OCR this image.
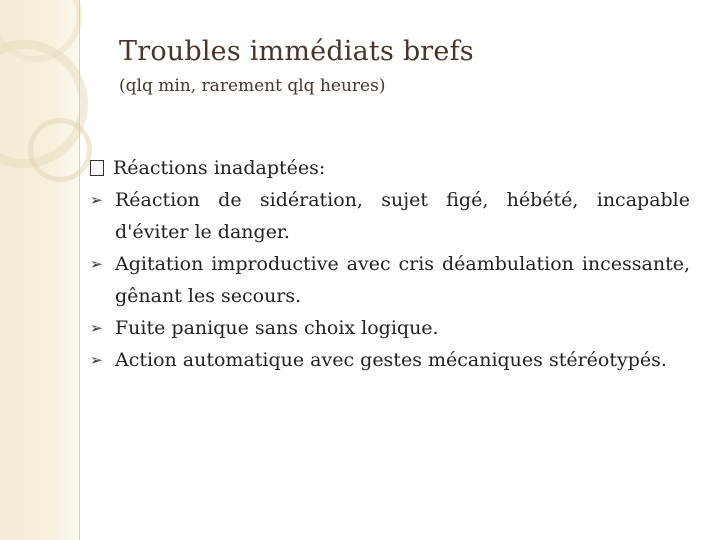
Troubles immédiats brefs
(qlq min, rarement qlq heures)
Réactions inadaptées:
➢ Réaction de sidération, sujet figé, hébété, incapable d'éviter le danger.
➢ Agitation improductive avec cris déambulation incessante, gênant les secours.
➢ Fuite panique sans choix logique.
➢ Action automatique avec gestes mécaniques stéréotypés.
